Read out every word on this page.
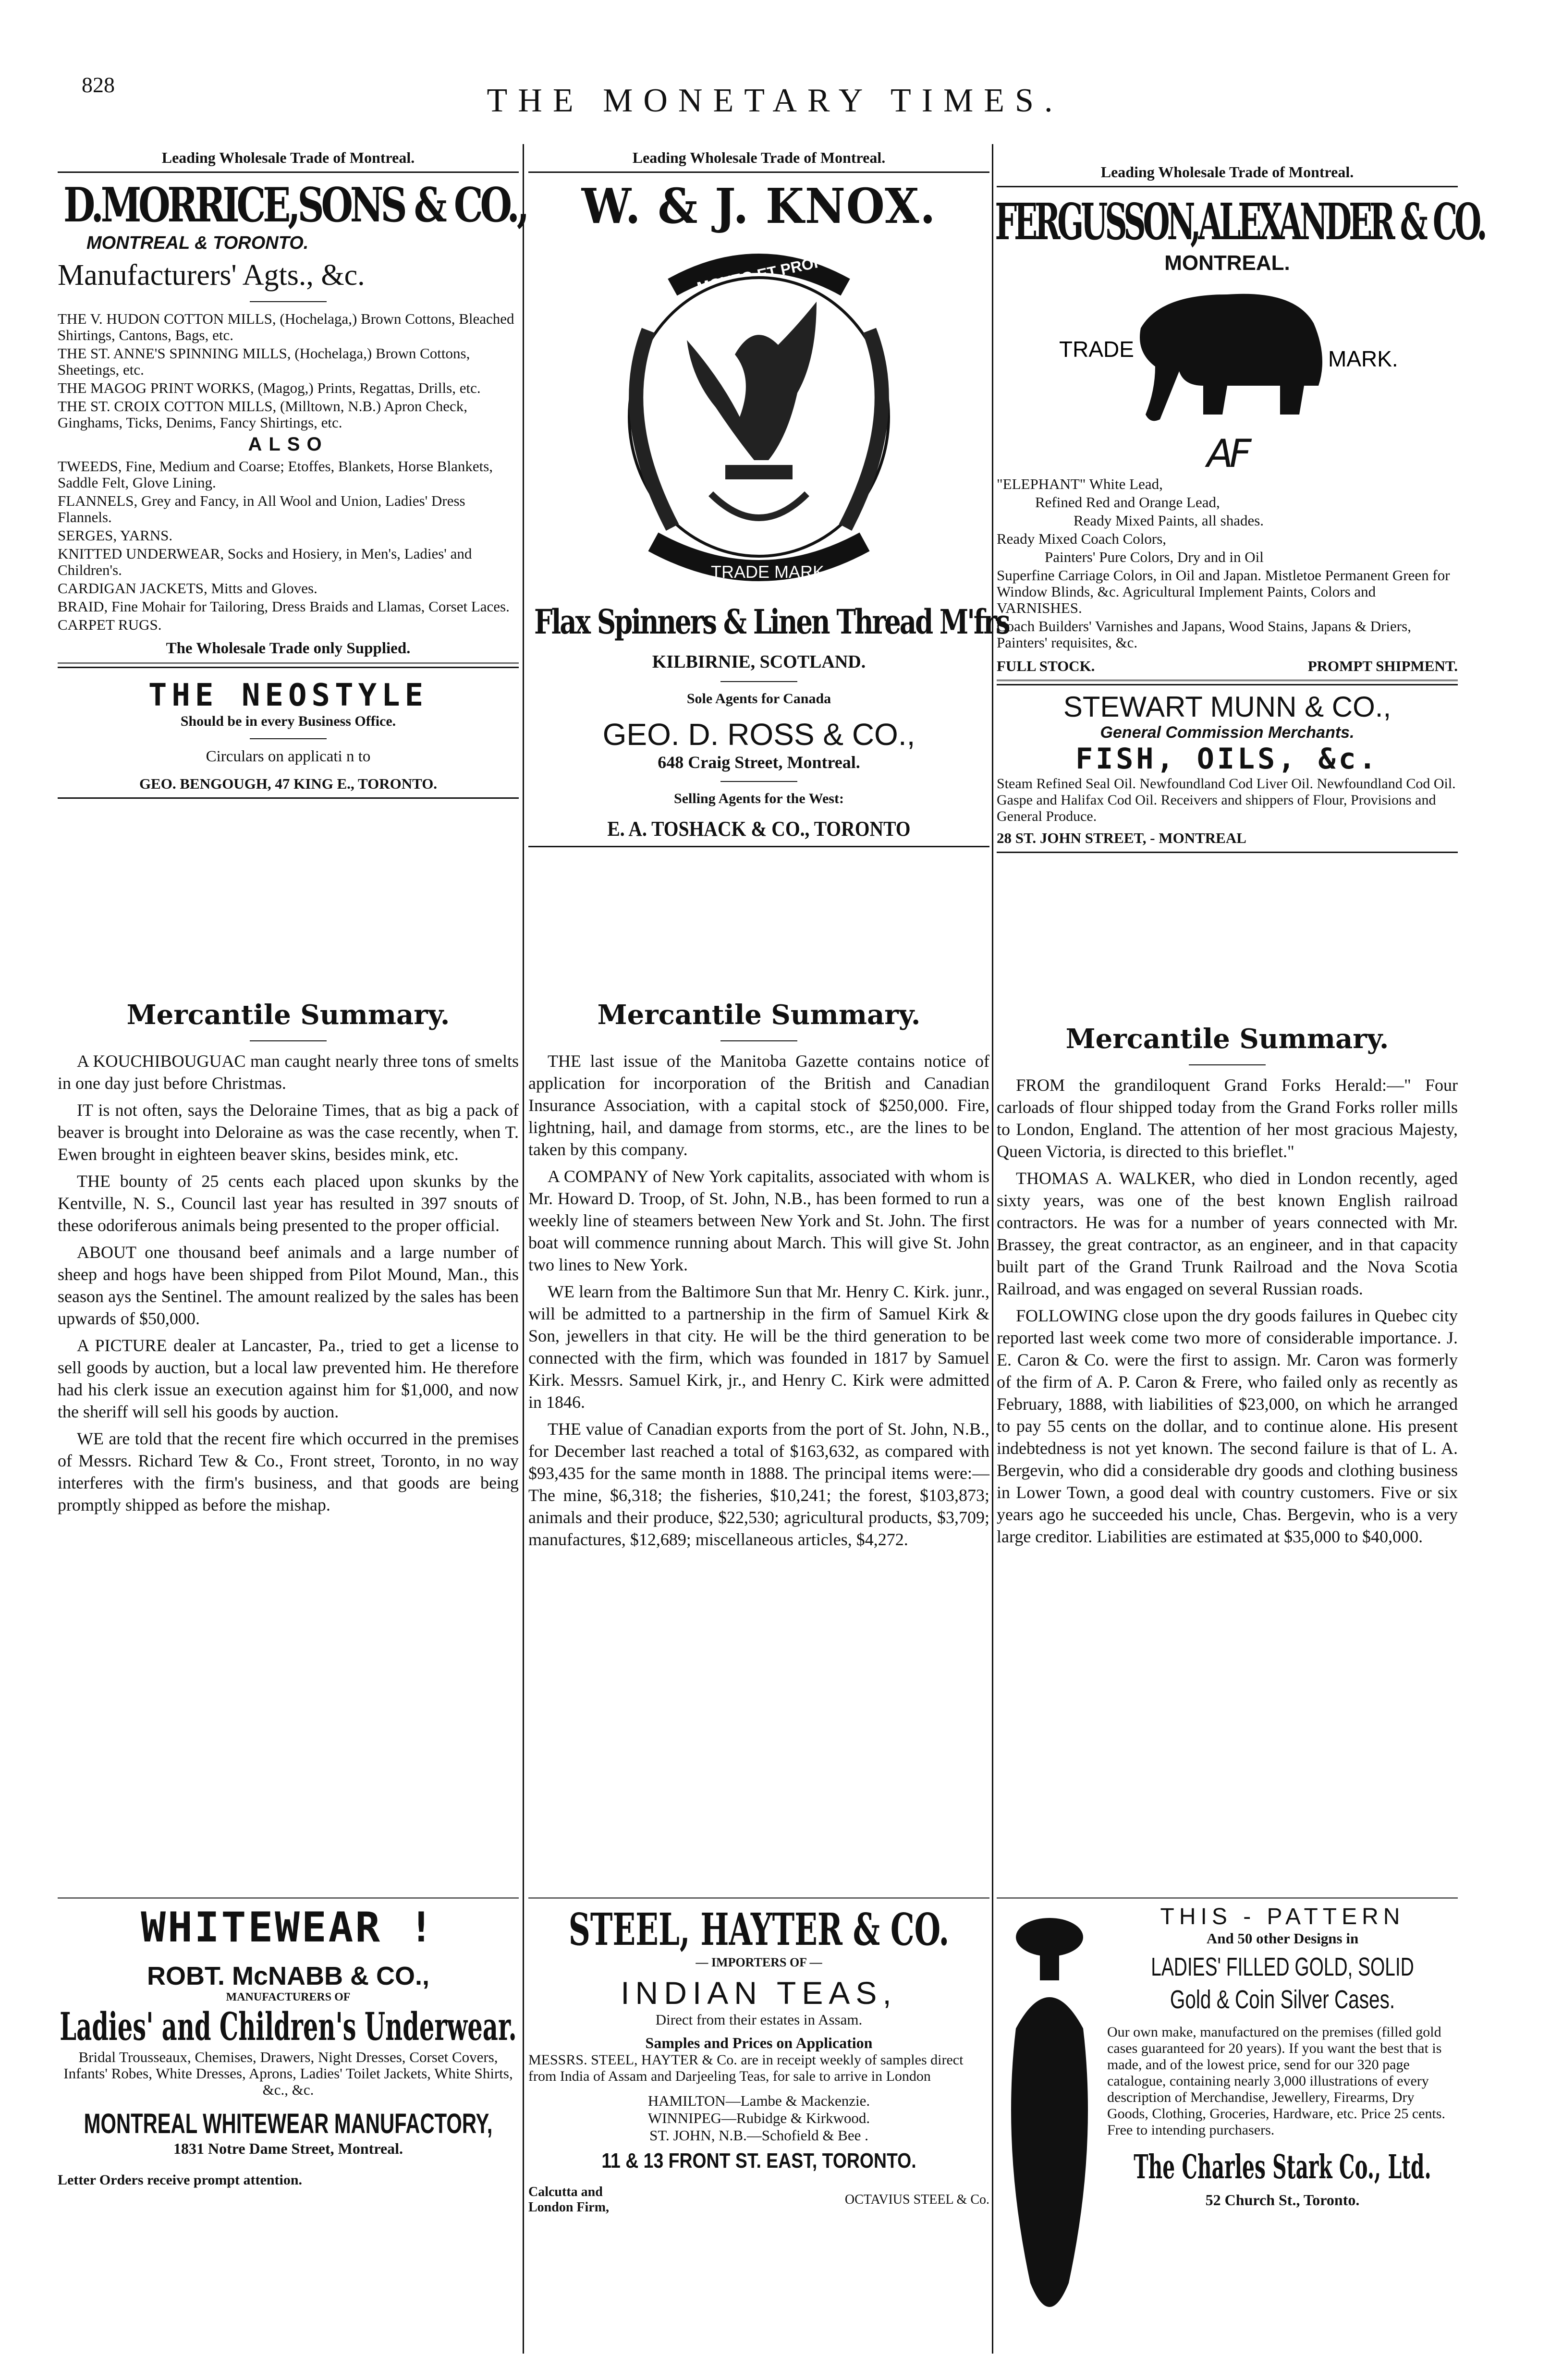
828	THE MONETARY TIMES.
Leading Wholesale Trade of Montreal.
D.MORRICE,SONS & CO.,
MONTREAL & TORONTO.
Manufacturers' Agts., &c.

THE V. HUDON COTTON MILLS, (Hochelaga,) Brown Cottons, Bleached Shirtings, Cantons, Bags, etc.

THE ST. ANNE'S SPINNING MILLS, (Hochelaga,) Brown Cottons, Sheetings, etc.

THE MAGOG PRINT WORKS, (Magog,) Prints, Regattas, Drills, etc.

THE ST. CROIX COTTON MILLS, (Milltown, N.B.) Apron Check, Ginghams, Ticks, Denims, Fancy Shirtings, etc.

ALSO

TWEEDS, Fine, Medium and Coarse; Etoffes, Blankets, Horse Blankets, Saddle Felt, Glove Lining.

FLANNELS, Grey and Fancy, in All Wool and Union, Ladies' Dress Flannels.

SERGES, YARNS.

KNITTED UNDERWEAR, Socks and Hosiery, in Men's, Ladies' and Children's.

CARDIGAN JACKETS, Mitts and Gloves.

BRAID, Fine Mohair for Tailoring, Dress Braids and Llamas, Corset Laces.

CARPET RUGS.

The Wholesale Trade only Supplied.
THE NEOSTYLE
Should be in every Business Office.
Circulars on applicati n to
GEO. BENGOUGH, 47 KING E., TORONTO.
Leading Wholesale Trade of Montreal.
W. & J. KNOX.
MOVEO ET PROFICIOR
TRADE MARK
Flax Spinners & Linen Thread M'frs
KILBIRNIE, SCOTLAND.
Sole Agents for Canada
GEO. D. ROSS & CO.,
648 Craig Street, Montreal.
Selling Agents for the West:
E. A. TOSHACK & CO., TORONTO
Leading Wholesale Trade of Montreal.
FERGUSSON,ALEXANDER & CO.
MONTREAL.
TRADE	MARK.
AF

"ELEPHANT" White Lead,

Refined Red and Orange Lead,

Ready Mixed Paints, all shades.

Ready Mixed Coach Colors,

Painters' Pure Colors, Dry and in Oil

Superfine Carriage Colors, in Oil and Japan. Mistletoe Permanent Green for Window Blinds, &c. Agricultural Implement Paints, Colors and VARNISHES.

Coach Builders' Varnishes and Japans, Wood Stains, Japans & Driers, Painters' requisites, &c.

FULL STOCK.	PROMPT SHIPMENT.
STEWART MUNN & CO.,
General Commission Merchants.
FISH, OILS, &c.
Steam Refined Seal Oil. Newfoundland Cod Liver Oil. Newfoundland Cod Oil. Gaspe and Halifax Cod Oil. Receivers and shippers of Flour, Provisions and General Produce.
28 ST. JOHN STREET, - MONTREAL
Mercantile Summary.

A KOUCHIBOUGUAC man caught nearly three tons of smelts in one day just before Christmas.

IT is not often, says the Deloraine Times, that as big a pack of beaver is brought into Deloraine as was the case recently, when T. Ewen brought in eighteen beaver skins, besides mink, etc.

THE bounty of 25 cents each placed upon skunks by the Kentville, N. S., Council last year has resulted in 397 snouts of these odoriferous animals being presented to the proper official.

ABOUT one thousand beef animals and a large number of sheep and hogs have been shipped from Pilot Mound, Man., this season ays the Sentinel. The amount realized by the sales has been upwards of $50,000.

A PICTURE dealer at Lancaster, Pa., tried to get a license to sell goods by auction, but a local law prevented him. He therefore had his clerk issue an execution against him for $1,000, and now the sheriff will sell his goods by auction.

WE are told that the recent fire which occurred in the premises of Messrs. Richard Tew & Co., Front street, Toronto, in no way interferes with the firm's business, and that goods are being promptly shipped as before the mishap.

Mercantile Summary.

THE last issue of the Manitoba Gazette contains notice of application for incorporation of the British and Canadian Insurance Association, with a capital stock of $250,000. Fire, lightning, hail, and damage from storms, etc., are the lines to be taken by this company.

A COMPANY of New York capitalits, associated with whom is Mr. Howard D. Troop, of St. John, N.B., has been formed to run a weekly line of steamers between New York and St. John. The first boat will commence running about March. This will give St. John two lines to New York.

WE learn from the Baltimore Sun that Mr. Henry C. Kirk. junr., will be admitted to a partnership in the firm of Samuel Kirk & Son, jewellers in that city. He will be the third generation to be connected with the firm, which was founded in 1817 by Samuel Kirk. Messrs. Samuel Kirk, jr., and Henry C. Kirk were admitted in 1846.

THE value of Canadian exports from the port of St. John, N.B., for December last reached a total of $163,632, as compared with $93,435 for the same month in 1888. The principal items were:—The mine, $6,318; the fisheries, $10,241; the forest, $103,873; animals and their produce, $22,530; agricultural products, $3,709; manufactures, $12,689; miscellaneous articles, $4,272.

Mercantile Summary.

FROM the grandiloquent Grand Forks Herald:—" Four carloads of flour shipped today from the Grand Forks roller mills to London, England. The attention of her most gracious Majesty, Queen Victoria, is directed to this brieflet."

THOMAS A. WALKER, who died in London recently, aged sixty years, was one of the best known English railroad contractors. He was for a number of years connected with Mr. Brassey, the great contractor, as an engineer, and in that capacity built part of the Grand Trunk Railroad and the Nova Scotia Railroad, and was engaged on several Russian roads.

FOLLOWING close upon the dry goods failures in Quebec city reported last week come two more of considerable importance. J. E. Caron & Co. were the first to assign. Mr. Caron was formerly of the firm of A. P. Caron & Frere, who failed only as recently as February, 1888, with liabilities of $23,000, on which he arranged to pay 55 cents on the dollar, and to continue alone. His present indebtedness is not yet known. The second failure is that of L. A. Bergevin, who did a considerable dry goods and clothing business in Lower Town, a good deal with country customers. Five or six years ago he succeeded his uncle, Chas. Bergevin, who is a very large creditor. Liabilities are estimated at $35,000 to $40,000.

WHITEWEAR !
ROBT. McNABB & CO.,
MANUFACTURERS OF
Ladies' and Children's Underwear.
Bridal Trousseaux, Chemises, Drawers, Night Dresses, Corset Covers, Infants' Robes, White Dresses, Aprons, Ladies' Toilet Jackets, White Shirts, &c., &c.
MONTREAL WHITEWEAR MANUFACTORY,
1831 Notre Dame Street, Montreal.
Letter Orders receive prompt attention.
STEEL, HAYTER & CO.
— IMPORTERS OF —
INDIAN TEAS,
Direct from their estates in Assam.
Samples and Prices on Application
MESSRS. STEEL, HAYTER & Co. are in receipt weekly of samples direct from India of Assam and Darjeeling Teas, for sale to arrive in London
HAMILTON—Lambe & Mackenzie.
WINNIPEG—Rubidge & Kirkwood.
ST. JOHN, N.B.—Schofield & Bee .
11 & 13 FRONT ST. EAST, TORONTO.
Calcutta and London Firm,
OCTAVIUS STEEL & Co.
THIS - PATTERN
And 50 other Designs in
LADIES' FILLED GOLD, SOLID
Gold & Coin Silver Cases.
Our own make, manufactured on the premises (filled gold cases guaranteed for 20 years). If you want the best that is made, and of the lowest price, send for our 320 page catalogue, containing nearly 3,000 illustrations of every description of Merchandise, Jewellery, Firearms, Dry Goods, Clothing, Groceries, Hardware, etc. Price 25 cents. Free to intending purchasers.
The Charles Stark Co., Ltd.
52 Church St., Toronto.
